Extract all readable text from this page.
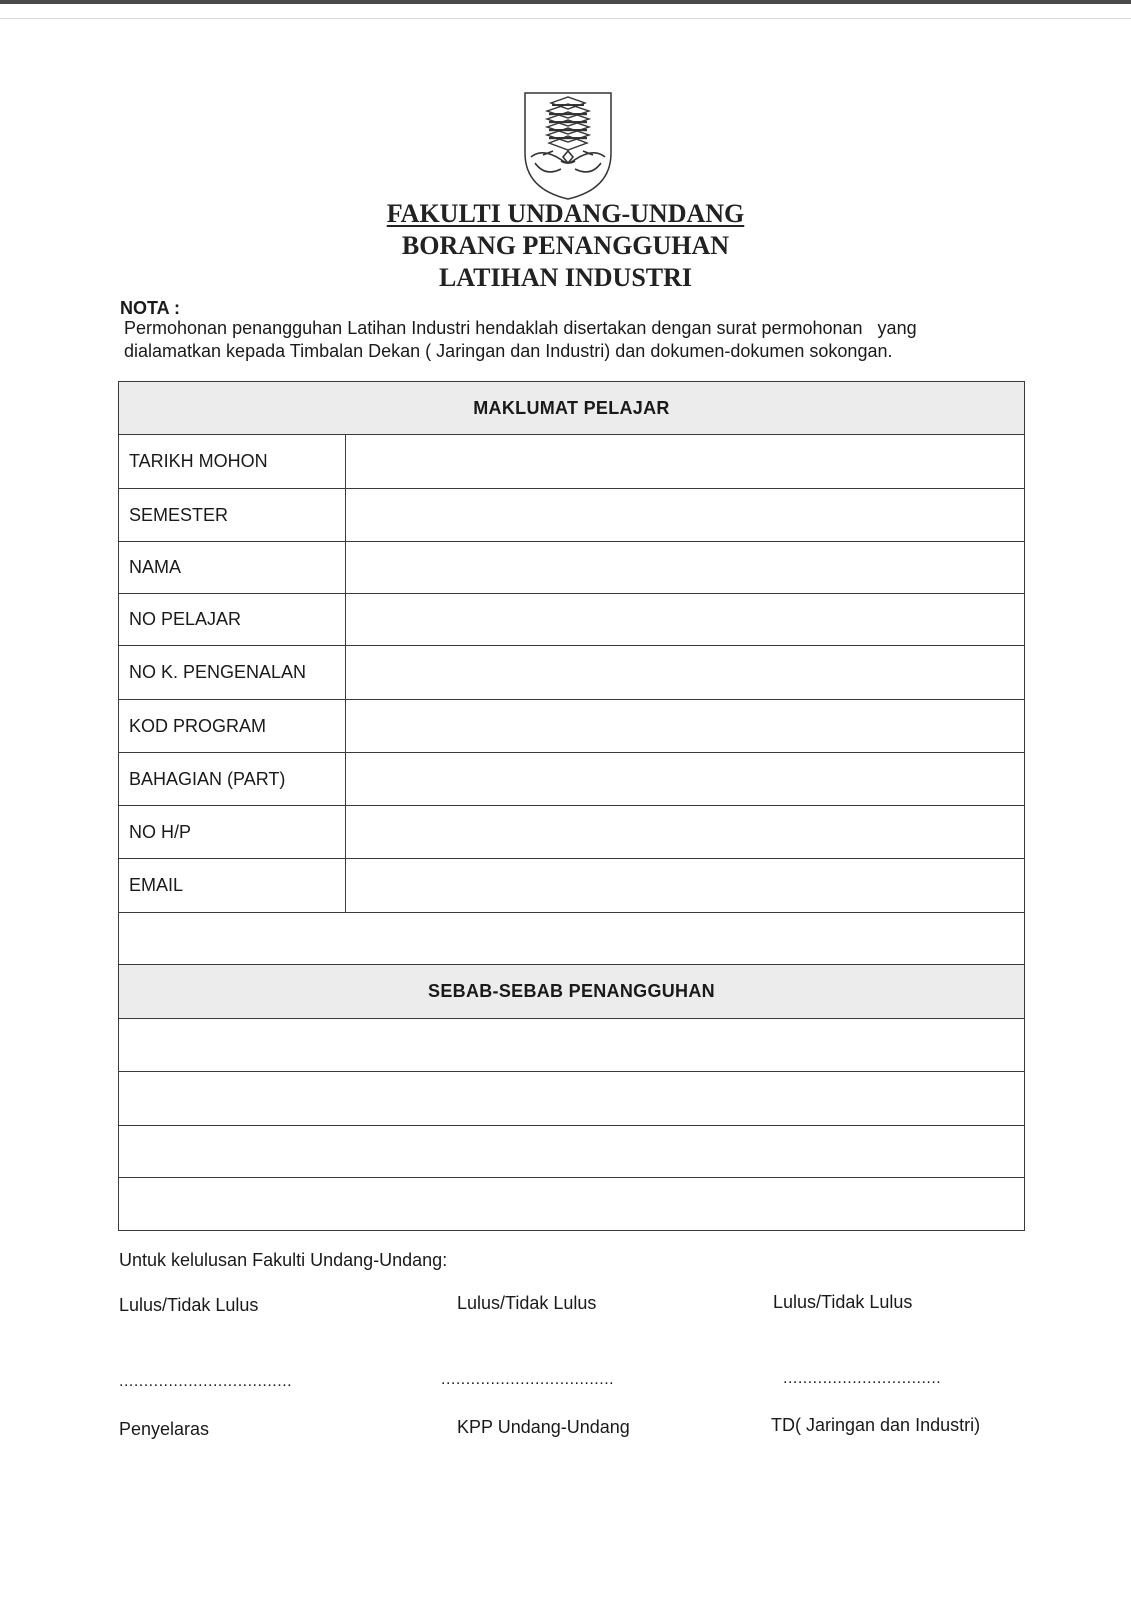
FAKULTI UNDANG-UNDANG
BORANG PENANGGUHAN
LATIHAN INDUSTRI
NOTA :
Permohonan penangguhan Latihan Industri hendaklah disertakan dengan surat permohonan   yang
dialamatkan kepada Timbalan Dekan ( Jaringan dan Industri) dan dokumen-dokumen sokongan.
MAKLUMAT PELAJAR
TARIKH MOHON
SEMESTER
NAMA
NO PELAJAR
NO K. PENGENALAN
KOD PROGRAM
BAHAGIAN (PART)
NO H/P
EMAIL
SEBAB-SEBAB PENANGGUHAN
Untuk kelulusan Fakulti Undang-Undang:
Lulus/Tidak Lulus	Lulus/Tidak Lulus	Lulus/Tidak Lulus
...................................	...................................	................................
Penyelaras	KPP Undang-Undang	TD( Jaringan dan Industri)
